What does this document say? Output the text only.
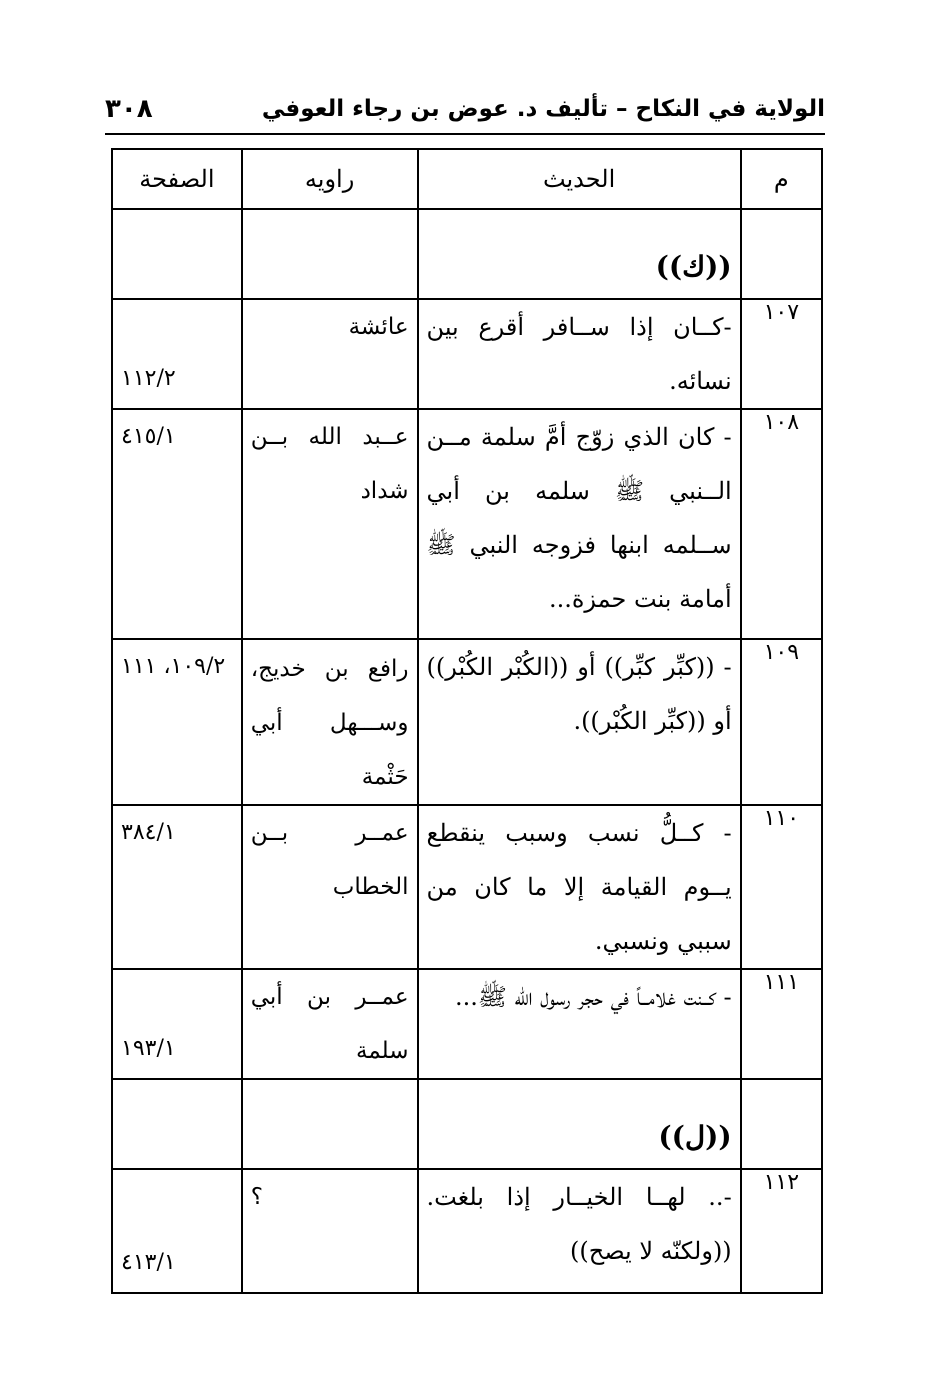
الولاية في النكاح – تأليف د. عوض بن رجاء العوفي
٣٠٨
م	الحديث	راويه	الصفحة

	((ك))		

١٠٧	-كــان إذا ســافر أقرع بين نسائه.	عائشة	١١٢/٢
١٠٨	- كان الذي زوّج أمَّ سلمة مــن الــنبي ﷺ سلمه بن أبي ســلمه ابنها فزوجه النبي ﷺ أمامة بنت حمزة...	عــبد الله بــن شداد	٤١٥/١
١٠٩	- ((كبِّر كبِّر)) أو ((الكُبْر الكُبْر)) أو ((كبِّر الكُبْر)).	رافع بن خديج، وســـهل أبي حَثْمة	١٠٩/٢، ١١١
١١٠	- كــلُّ نسب وسبب ينقطع يــوم القيامة إلا ما كان من سببي ونسبي.	عمــر بــن الخطاب	٣٨٤/١
١١١	- كــنت غلامــاً في حجر رسول الله ﷺ...	عمــر بن أبي سلمة	١٩٣/١

	((ل))		

١١٢	-.. لهــا الخيــار إذا بلغت. ((ولكنّه لا يصح))	؟	٤١٣/١
